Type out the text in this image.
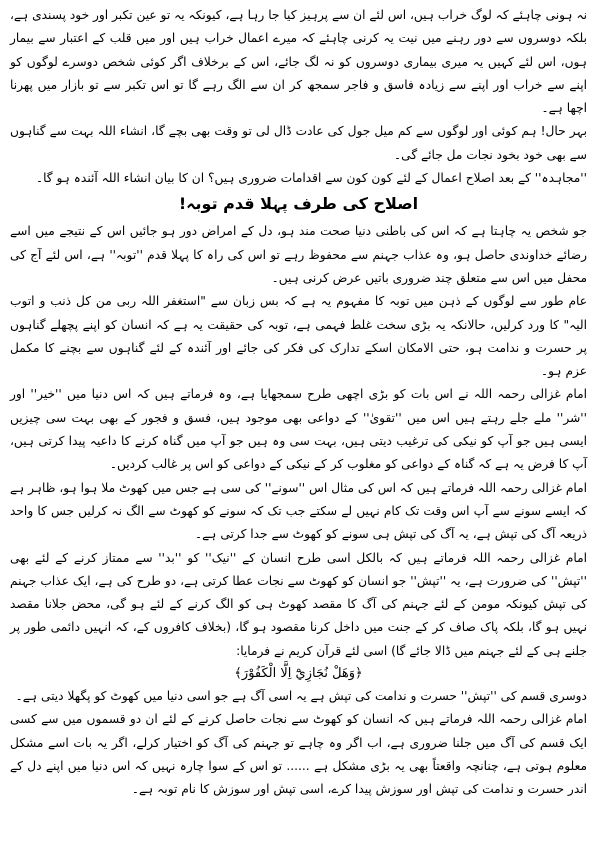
نہ ہونی چاہئے کہ لوگ خراب ہیں، اس لئے ان سے پرہیز کیا جا رہا ہے، کیونکہ یہ تو عین تکبر اور خود پسندی ہے، بلکہ دوسروں سے دور رہنے میں نیت یہ کرنی چاہئے کہ میرے اعمال خراب ہیں اور میں قلب کے اعتبار سے بیمار ہوں، اس لئے کہیں یہ میری بیماری دوسروں کو نہ لگ جائے، اس کے برخلاف اگر کوئی شخص دوسرے لوگوں کو اپنے سے خراب اور اپنے سے زیادہ فاسق و فاجر سمجھ کر ان سے الگ رہے گا تو اس تکبر سے تو بازار میں پھرنا اچھا ہے۔

بہر حال! ہم کوئی اور لوگوں سے کم میل جول کی عادت ڈال لی تو وقت بھی بچے گا، انشاء اللہ بہت سے گناہوں سے بھی خود بخود نجات مل جائے گی۔

''مجاہدہ'' کے بعد اصلاح اعمال کے لئے کون کون سے اقدامات ضروری ہیں؟ ان کا بیان انشاء اللہ آئندہ ہو گا۔

اصلاح کی طرف پہلا قدم توبہ!

جو شخص یہ چاہتا ہے کہ اس کی باطنی دنیا صحت مند ہو، دل کے امراض دور ہو جائیں اس کے نتیجے میں اسے رضائے خداوندی حاصل ہو، وہ عذاب جہنم سے محفوظ رہے تو اس کی راہ کا پہلا قدم ''توبہ'' ہے، اس لئے آج کی محفل میں اس سے متعلق چند ضروری باتیں عرض کرنی ہیں۔

عام طور سے لوگوں کے ذہن میں توبہ کا مفہوم یہ ہے کہ بس زبان سے "استغفر اللہ ربی من کل ذنب و اتوب الیہ" کا ورد کرلیں، حالانکہ یہ بڑی سخت غلط فہمی ہے، توبہ کی حقیقت یہ ہے کہ انسان کو اپنے پچھلے گناہوں پر حسرت و ندامت ہو، حتی الامکان اسکے تدارک کی فکر کی جائے اور آئندہ کے لئے گناہوں سے بچنے کا مکمل عزم ہو۔

امام غزالی رحمہ اللہ نے اس بات کو بڑی اچھی طرح سمجھایا ہے، وہ فرماتے ہیں کہ اس دنیا میں ''خیر'' اور ''شر'' ملے جلے رہتے ہیں اس میں ''تقویٰ'' کے دواعی بھی موجود ہیں، فسق و فجور کے بھی بہت سی چیزیں ایسی ہیں جو آپ کو نیکی کی ترغیب دیتی ہیں، بہت سی وہ ہیں جو آپ میں گناہ کرنے کا داعیہ پیدا کرتی ہیں، آپ کا فرض یہ ہے کہ گناہ کے دواعی کو مغلوب کر کے نیکی کے دواعی کو اس پر غالب کردیں۔

امام غزالی رحمہ اللہ فرماتے ہیں کہ اس کی مثال اس ''سونے'' کی سی ہے جس میں کھوٹ ملا ہوا ہو، ظاہر ہے کہ ایسے سونے سے آپ اس وقت تک کام نہیں لے سکتے جب تک کہ سونے کو کھوٹ سے الگ نہ کرلیں جس کا واحد ذریعہ آگ کی تپش ہے، یہ آگ کی تپش ہی سونے کو کھوٹ سے جدا کرتی ہے۔

امام غزالی رحمہ اللہ فرماتے ہیں کہ بالکل اسی طرح انسان کے ''نیک'' کو ''بد'' سے ممتاز کرنے کے لئے بھی ''تپش'' کی ضرورت ہے، یہ ''تپش'' جو انسان کو کھوٹ سے نجات عطا کرتی ہے، دو طرح کی ہے، ایک عذاب جہنم کی تپش کیونکہ مومن کے لئے جہنم کی آگ کا مقصد کھوٹ ہی کو الگ کرنے کے لئے ہو گی، محض جلانا مقصد نہیں ہو گا، بلکہ پاک صاف کر کے جنت میں داخل کرنا مقصود ہو گا، (بخلاف کافروں کے، کہ انہیں دائمی طور پر جلنے ہی کے لئے جہنم میں ڈالا جائے گا) اسی لئے قرآن کریم نے فرمایا:

﴿وَهَلْ نُجَازِيْٓ اِلَّا الْكَفُوْرَ﴾

دوسری قسم کی ''تپش'' حسرت و ندامت کی تپش ہے یہ اسی آگ ہے جو اسی دنیا میں کھوٹ کو پگھلا دیتی ہے۔

امام غزالی رحمہ اللہ فرماتے ہیں کہ انسان کو کھوٹ سے نجات حاصل کرنے کے لئے ان دو قسموں میں سے کسی ایک قسم کی آگ میں جلنا ضروری ہے، اب اگر وہ چاہے تو جہنم کی آگ کو اختیار کرلے، اگر یہ بات اسے مشکل معلوم ہوتی ہے، چنانچہ واقعتاً بھی یہ بڑی مشکل ہے ...... تو اس کے سوا چارہ نہیں کہ اس دنیا میں اپنے دل کے اندر حسرت و ندامت کی تپش اور سوزش پیدا کرے، اسی تپش اور سوزش کا نام توبہ ہے۔
